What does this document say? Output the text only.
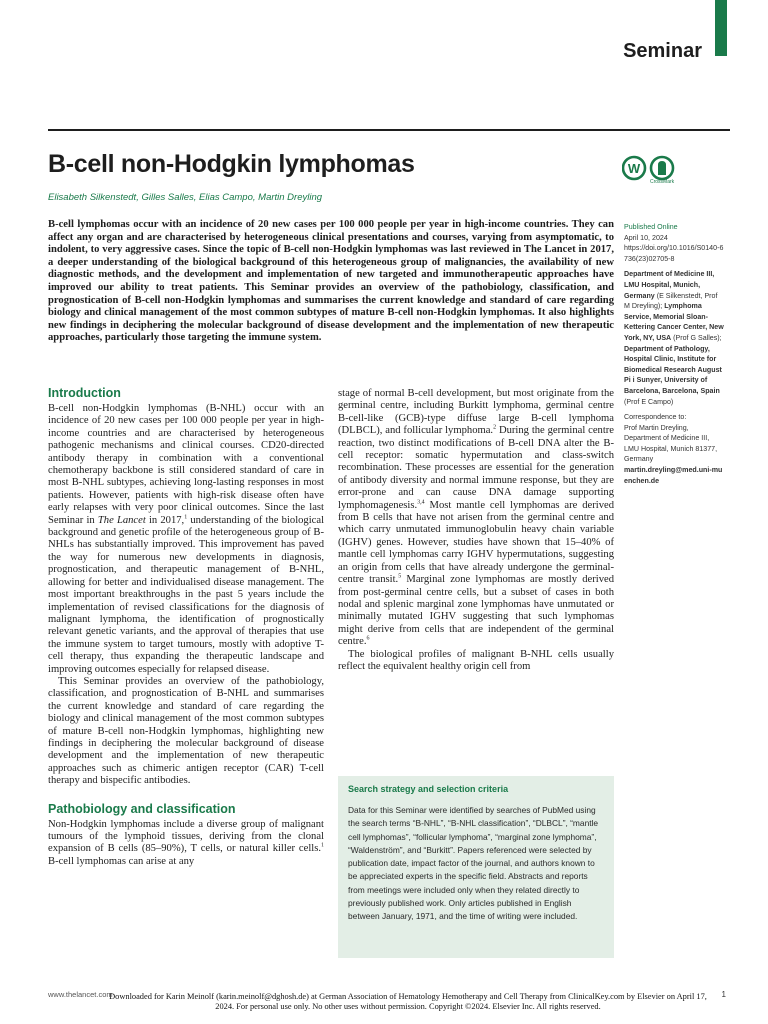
Seminar
B-cell non-Hodgkin lymphomas	W
CrossMark
Elisabeth Silkenstedt, Gilles Salles, Elias Campo, Martin Dreyling

B-cell lymphomas occur with an incidence of 20 new cases per 100 000 people per year in high-income countries. They can affect any organ and are characterised by heterogeneous clinical presentations and courses, varying from asymptomatic, to indolent, to very aggressive cases. Since the topic of B-cell non-Hodgkin lymphomas was last reviewed in The Lancet in 2017, a deeper understanding of the biological background of this heterogeneous group of malignancies, the availability of new diagnostic methods, and the development and implementation of new targeted and immunotherapeutic approaches have improved our ability to treat patients. This Seminar provides an overview of the pathobiology, classification, and prognostication of B-cell non-Hodgkin lymphomas and summarises the current knowledge and standard of care regarding biology and clinical management of the most common subtypes of mature B-cell non-Hodgkin lymphomas. It also highlights new findings in deciphering the molecular background of disease development and the implementation of new therapeutic approaches, particularly those targeting the immune system.

Introduction

B-cell non-Hodgkin lymphomas (B-NHL) occur with an incidence of 20 new cases per 100 000 people per year in high-income countries and are characterised by heterogeneous pathogenic mechanisms and clinical courses. CD20-directed antibody therapy in combination with a conventional chemotherapy backbone is still considered standard of care in most B-NHL subtypes, achieving long-lasting responses in most patients. However, patients with high-risk disease often have early relapses with very poor clinical outcomes. Since the last Seminar in The Lancet in 2017,$^1$ understanding of the biological background and genetic profile of the heterogeneous group of B-NHLs has substantially improved. This improvement has paved the way for numerous new developments in diagnosis, prognostication, and therapeutic management of B-NHL, allowing for better and individualised disease management. The most important breakthroughs in the past 5 years include the implementation of revised classifications for the diagnosis of malignant lymphoma, the identification of prognostically relevant genetic variants, and the approval of therapies that use the immune system to target tumours, mostly with adoptive T-cell therapy, thus expanding the therapeutic landscape and improving outcomes especially for relapsed disease.

This Seminar provides an overview of the pathobiology, classification, and prognostication of B-NHL and summarises the current knowledge and standard of care regarding the biology and clinical management of the most common subtypes of mature B-cell non-Hodgkin lymphomas, highlighting new findings in deciphering the molecular background of disease development and the implementation of new therapeutic approaches such as chimeric antigen receptor (CAR) T-cell therapy and bispecific antibodies.

Pathobiology and classification

Non-Hodgkin lymphomas include a diverse group of malignant tumours of the lymphoid tissues, deriving from the clonal expansion of B cells (85–90%), T cells, or natural killer cells.$^1$ B-cell lymphomas can arise at any

stage of normal B-cell development, but most originate from the germinal centre, including Burkitt lymphoma, germinal centre B-cell-like (GCB)-type diffuse large B-cell lymphoma (DLBCL), and follicular lymphoma.$^2$ During the germinal centre reaction, two distinct modifications of B-cell DNA alter the B-cell receptor: somatic hypermutation and class-switch recombination. These processes are essential for the generation of antibody diversity and normal immune response, but they are error-prone and can cause DNA damage supporting lymphomagenesis.$^{3,4}$ Most mantle cell lymphomas are derived from B cells that have not arisen from the germinal centre and which carry unmutated immunoglobulin heavy chain variable (IGHV) genes. However, studies have shown that 15–40% of mantle cell lymphomas carry IGHV hypermutations, suggesting an origin from cells that have already undergone the germinal-centre transit.$^5$ Marginal zone lymphomas are mostly derived from post-germinal centre cells, but a subset of cases in both nodal and splenic marginal zone lymphomas have unmutated or minimally mutated IGHV suggesting that such lymphomas might derive from cells that are independent of the germinal centre.$^6$

The biological profiles of malignant B-NHL cells usually reflect the equivalent healthy origin cell from

Search strategy and selection criteria
Data for this Seminar were identified by searches of PubMed using the search terms “B-NHL”, “B-NHL classification”, “DLBCL”, “mantle cell lymphomas”, “follicular lymphoma”, “marginal zone lymphoma”, “Waldenström”, and “Burkitt”. Papers referenced were selected by publication date, impact factor of the journal, and authors known to be appreciated experts in the specific field. Abstracts and reports from meetings were included only when they related directly to previously published work. Only articles published in English between January, 1971, and the time of writing were included.
Published Online
April 10, 2024
https://doi.org/10.1016/S0140-6736(23)02705-8
Department of Medicine III, LMU Hospital, Munich, Germany (E Silkenstedt, Prof M Dreyling); Lymphoma Service, Memorial Sloan-Kettering Cancer Center, New York, NY, USA (Prof G Salles); Department of Pathology, Hospital Clinic, Institute for Biomedical Research August Pi i Sunyer, University of Barcelona, Barcelona, Spain (Prof E Campo)
Correspondence to:
Prof Martin Dreyling, Department of Medicine III, LMU Hospital, Munich 81377, Germany
martin.dreyling@med.uni-muenchen.de
www.thelancet.com
Downloaded for Karin Meinolf (karin.meinolf@dghosh.de) at German Association of Hematology Hemotherapy and Cell Therapy from ClinicalKey.com by Elsevier on April 17, 2024. For personal use only. No other uses without permission. Copyright ©2024. Elsevier Inc. All rights reserved.
1
